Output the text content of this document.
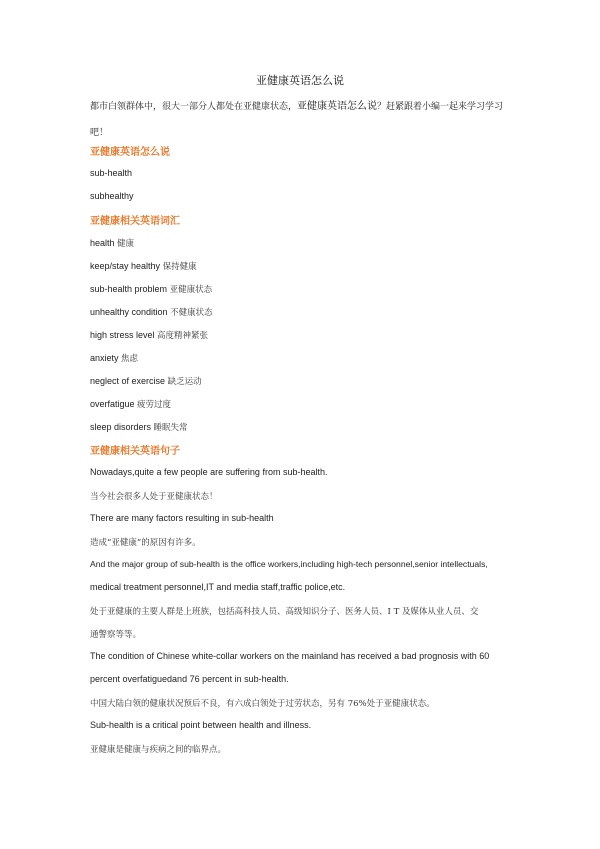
亚健康英语怎么说
都市白领群体中，很大一部分人都处在亚健康状态，亚健康英语怎么说？赶紧跟着小编一起来学习学习吧！
亚健康英语怎么说
sub-health
subhealthy
亚健康相关英语词汇
health 健康
keep/stay healthy 保持健康
sub-health problem 亚健康状态
unhealthy condition 不健康状态
high stress level 高度精神紧张
anxiety 焦虑
neglect of exercise 缺乏运动
overfatigue 疲劳过度
sleep disorders 睡眠失常
亚健康相关英语句子
Nowadays,quite a few people are suffering from sub-health.
当今社会很多人处于亚健康状态！
There are many factors resulting in sub-health
造成“亚健康”的原因有许多。
And the major group of sub-health is the office workers,including high-tech personnel,senior intellectuals,
medical treatment personnel,IT and media staff,traffic police,etc.
处于亚健康的主要人群是上班族，包括高科技人员、高级知识分子、医务人员、I T 及媒体从业人员、交
通警察等等。
The condition of Chinese white-collar workers on the mainland has received a bad prognosis with 60
percent overfatiguedand 76 percent in sub-health.
中国大陆白领的健康状况预后不良，有六成白领处于过劳状态，另有 76%处于亚健康状态。
Sub-health is a critical point between health and illness.
亚健康是健康与疾病之间的临界点。
